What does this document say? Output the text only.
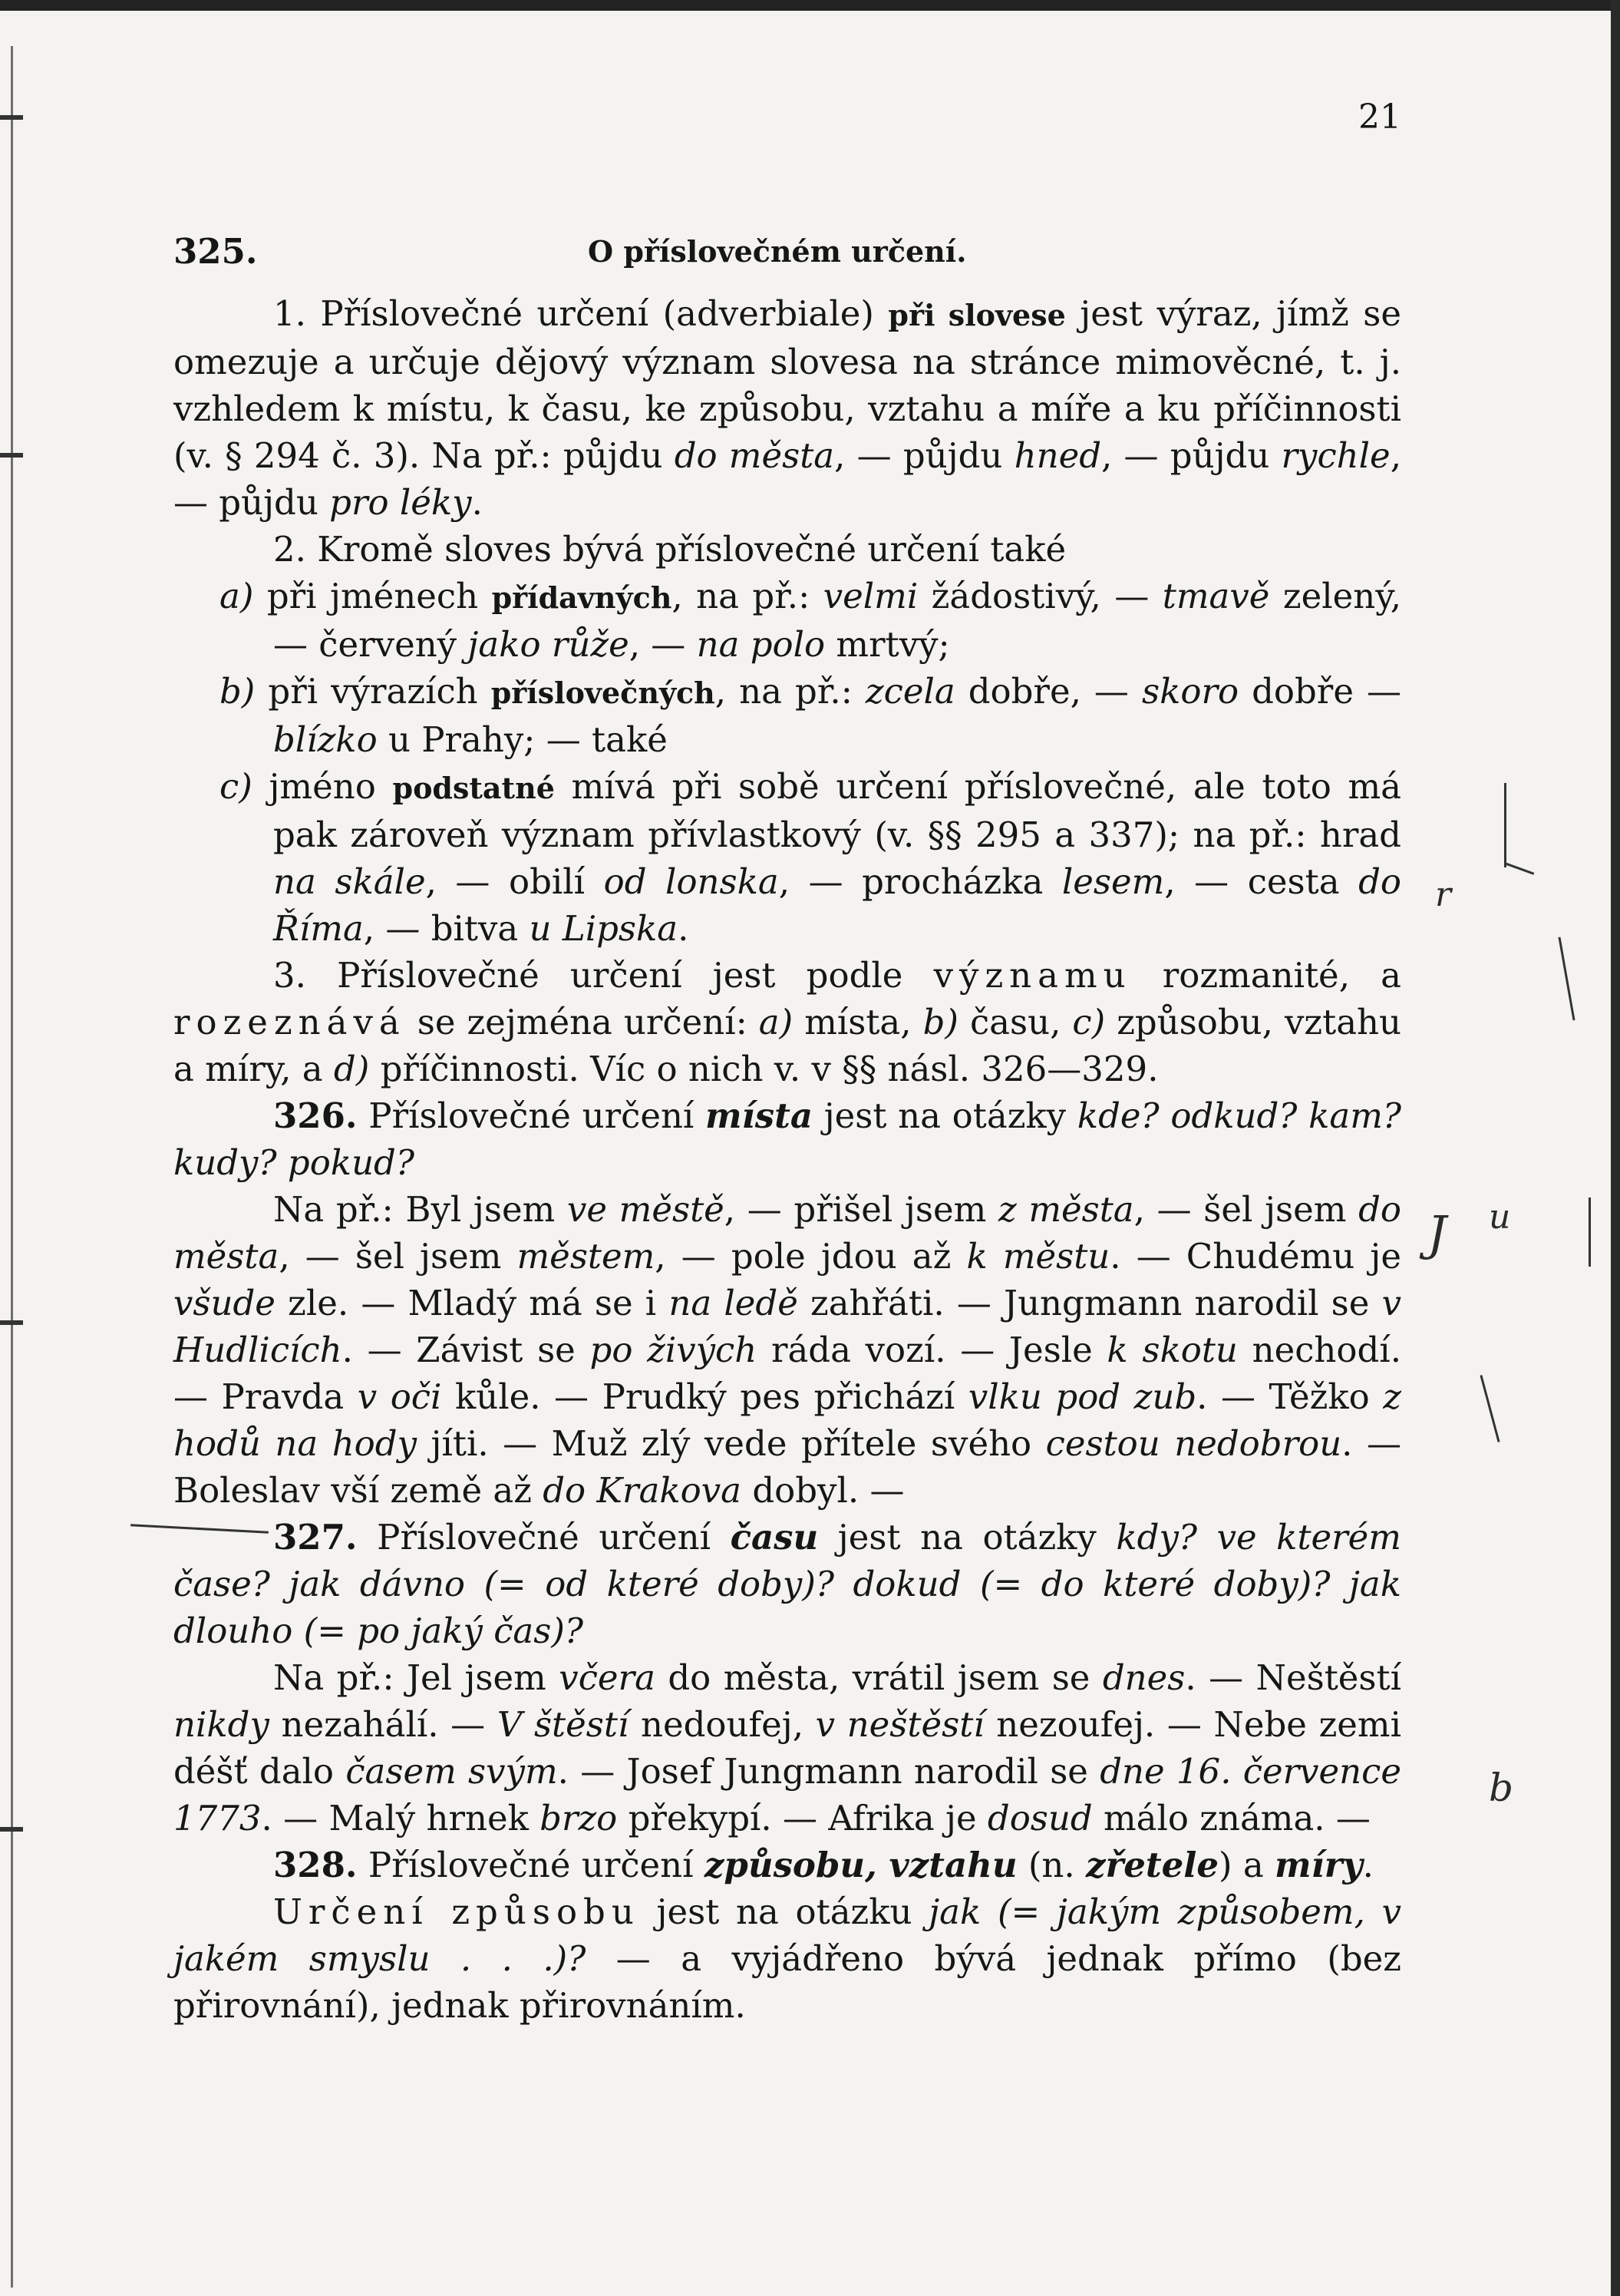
r
J u
b
21
325.	O příslovečném určení.

1. Příslovečné určení (adverbiale) při slovese jest výraz, jímž se omezuje a určuje dějový význam slovesa na stránce mimověcné, t. j. vzhledem k místu, k času, ke způsobu, vztahu a míře a ku příčinnosti (v. § 294 č. 3). Na př.: půjdu do města, — půjdu hned, — půjdu rychle, — půjdu pro léky.

2. Kromě sloves bývá příslovečné určení také

a) při jménech přídavných, na př.: velmi žádostivý, — tmavě zelený, — červený jako růže, — na polo mrtvý;

b) při výrazích příslovečných, na př.: zcela dobře, — skoro dobře — blízko u Prahy; — také

c) jméno podstatné mívá při sobě určení příslovečné, ale toto má pak zároveň význam přívlastkový (v. §§ 295 a 337); na př.: hrad na skále, — obilí od lonska, — procházka lesem, — cesta do Říma, — bitva u Lipska.

3. Příslovečné určení jest podle významu rozmanité, a rozeznává se zejména určení: a) místa, b) času, c) způsobu, vztahu a míry, a d) příčinnosti. Víc o nich v. v §§ násl. 326—329.

326. Příslovečné určení místa jest na otázky kde? odkud? kam? kudy? pokud?

Na př.: Byl jsem ve městě, — přišel jsem z města, — šel jsem do města, — šel jsem městem, — pole jdou až k městu. — Chudému je všude zle. — Mladý má se i na ledě zahřáti. — Jungmann narodil se v Hudlicích. — Závist se po živých ráda vozí. — Jesle k skotu nechodí. — Pravda v oči kůle. — Prudký pes přichází vlku pod zub. — Těžko z hodů na hody jíti. — Muž zlý vede přítele svého cestou nedobrou. — Boleslav vší země až do Krakova dobyl. —

327. Příslovečné určení času jest na otázky kdy? ve kterém čase? jak dávno (= od které doby)? dokud (= do které doby)? jak dlouho (= po jaký čas)?

Na př.: Jel jsem včera do města, vrátil jsem se dnes. — Neštěstí nikdy nezahálí. — V štěstí nedoufej, v neštěstí nezoufej. — Nebe zemi déšť dalo časem svým. — Josef Jungmann narodil se dne 16. července 1773. — Malý hrnek brzo překypí. — Afrika je dosud málo známa. —

328. Příslovečné určení způsobu, vztahu (n. zřetele) a míry.

Určení způsobu jest na otázku jak (= jakým způsobem, v jakém smyslu . . .)? — a vyjádřeno bývá jednak přímo (bez přirovnání), jednak přirovnáním.
